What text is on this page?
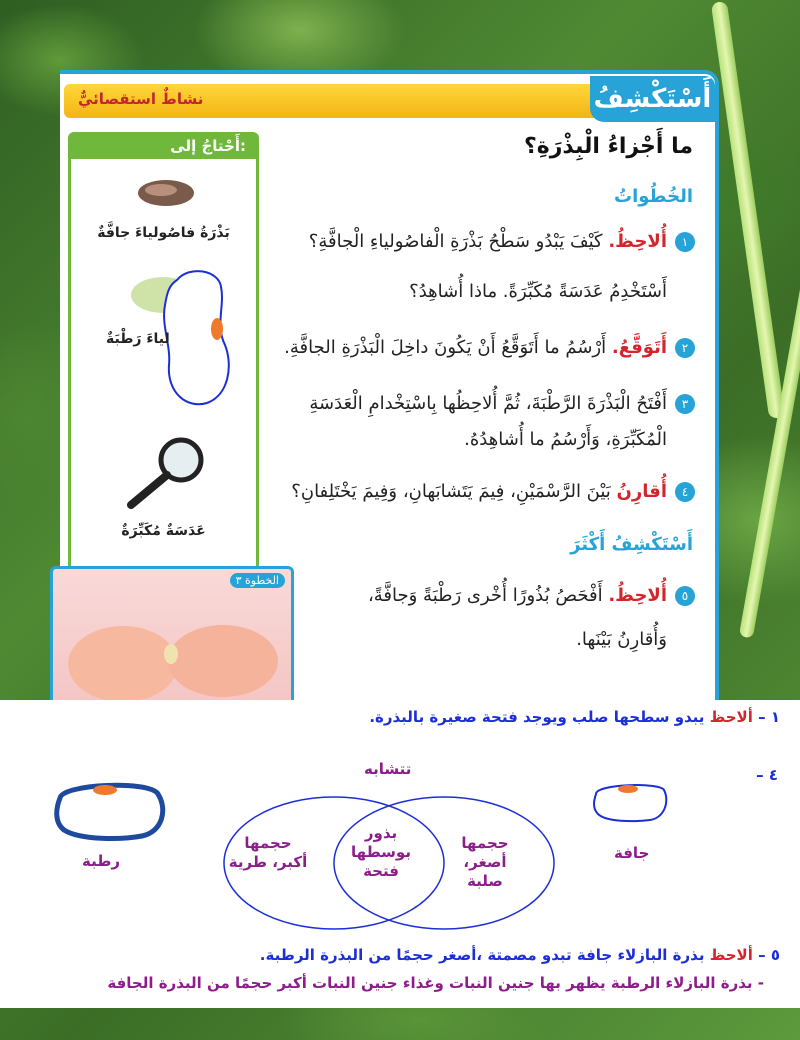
نشاطٌ استقصائيٌّ	أَسْتَكْشِفُ
أَحْتاجُ إلى:
بَذْرَةُ فاصُولياءَ جافَّةٌ
لياءَ رَطْبَةٌ
عَدَسَةٌ مُكَبِّرَةٌ
ما أَجْزاءُ الْبِذْرَةِ؟
الخُطُواتُ
١أُلاحِظُ. كَيْفَ يَبْدُو سَطْحُ بَذْرَةِ الْفاصُولياءِ الْجافَّةِ؟
أَسْتَخْدِمُ عَدَسَةً مُكَبِّرَةً. ماذا أُشاهِدُ؟
٢أَتَوَقَّعُ. أَرْسُمُ ما أَتَوَقَّعُ أَنْ يَكُونَ داخِلَ الْبَذْرَةِ الجافَّةِ.
٣أَفْتَحُ الْبَذْرَةَ الرَّطْبَةَ، ثُمَّ أُلاحِظُها بِاسْتِخْدامِ الْعَدَسَةِ
الْمُكَبِّرَةِ، وَأَرْسُمُ ما أُشاهِدُهُ.
٤أُقارِنُ بَيْنَ الرَّسْمَيْنِ، فِيمَ يَتَشابَهانِ، وَفِيمَ يَخْتَلِفانِ؟
أَسْتَكْشِفُ أَكْثَرَ
٥أُلاحِظُ. أَفْحَصُ بُذُورًا أُخْرى رَطْبَةً وَجافَّةً،
وَأُقارِنُ بَيْنَها.
الخطوة ٣
١ – ألاحظ يبدو سطحها صلب ويوجد فتحة صغيرة بالبذرة.
٤ –
تتشابه
رطبة	جافة
حجمها أكبر، طرية
بذور بوسطها فتحة
حجمها أصغر، صلبة
٥ – ألاحظ بذرة البازلاء جافة تبدو مصمتة ،أصغر حجمًا من البذرة الرطبة.
- بذرة البازلاء الرطبة يظهر بها جنين النبات وغذاء جنين النبات أكبر حجمًا من البذرة الجافة
